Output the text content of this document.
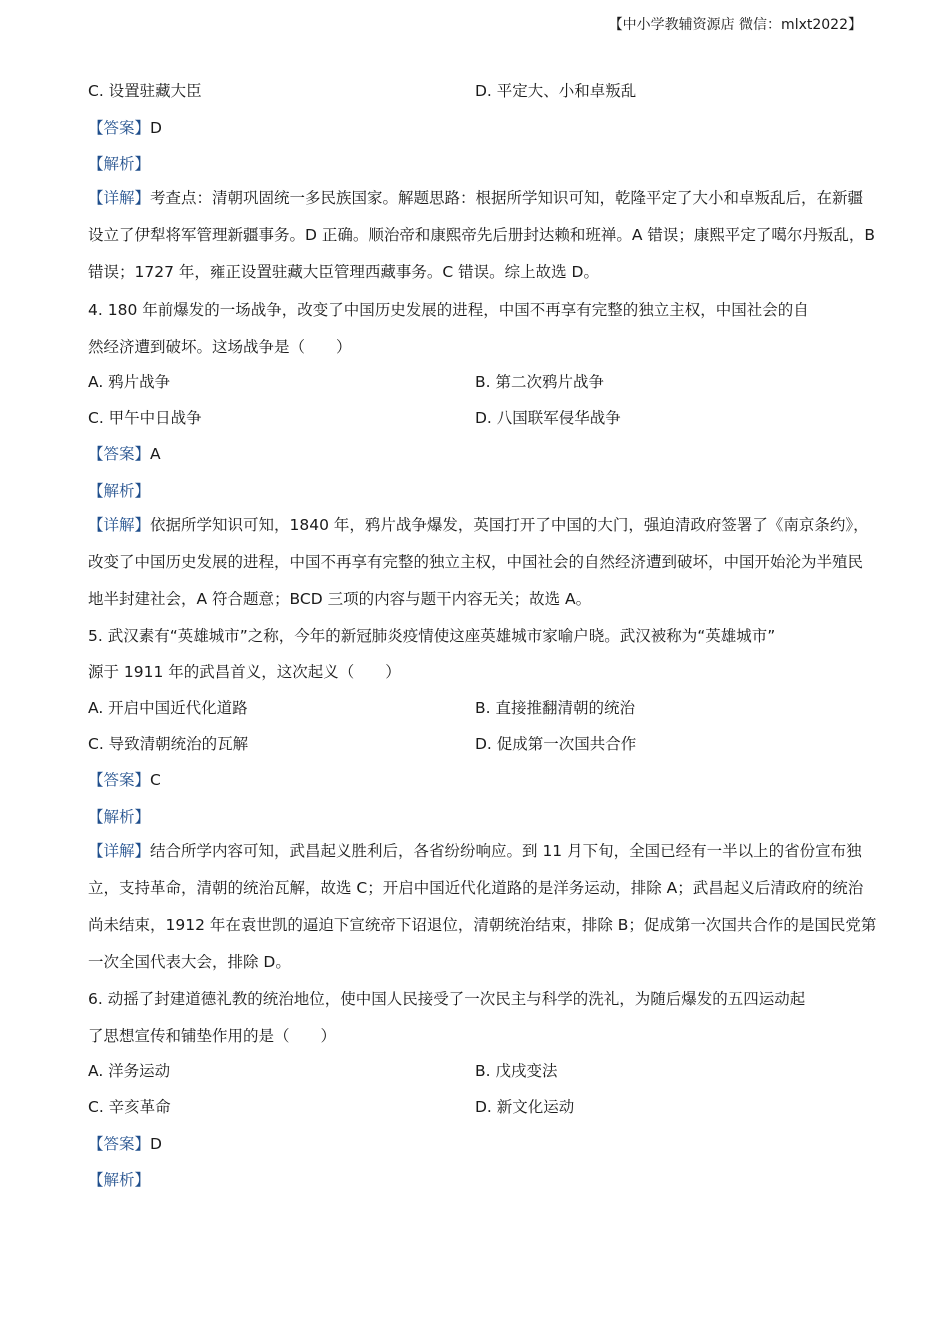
【中小学教辅资源店 微信：mlxt2022】
C. 设置驻藏大臣	D. 平定大、小和卓叛乱
【答案】D
【解析】
【详解】考查点：清朝巩固统一多民族国家。解题思路：根据所学知识可知，乾隆平定了大小和卓叛乱后，在新疆设立了伊犁将军管理新疆事务。D 正确。顺治帝和康熙帝先后册封达赖和班禅。A 错误；康熙平定了噶尔丹叛乱，B 错误；1727 年，雍正设置驻藏大臣管理西藏事务。C 错误。综上故选 D。
4. 180 年前爆发的一场战争，改变了中国历史发展的进程，中国不再享有完整的独立主权，中国社会的自
然经济遭到破坏。这场战争是（　　）
A. 鸦片战争	B. 第二次鸦片战争
C. 甲午中日战争	D. 八国联军侵华战争
【答案】A
【解析】
【详解】依据所学知识可知，1840 年，鸦片战争爆发，英国打开了中国的大门，强迫清政府签署了《南京条约》，改变了中国历史发展的进程，中国不再享有完整的独立主权，中国社会的自然经济遭到破坏，中国开始沦为半殖民地半封建社会，A 符合题意；BCD 三项的内容与题干内容无关；故选 A。
5. 武汉素有“英雄城市”之称，今年的新冠肺炎疫情使这座英雄城市家喻户晓。武汉被称为“英雄城市”
源于 1911 年的武昌首义，这次起义（　　）
A. 开启中国近代化道路	B. 直接推翻清朝的统治
C. 导致清朝统治的瓦解	D. 促成第一次国共合作
【答案】C
【解析】
【详解】结合所学内容可知，武昌起义胜利后，各省纷纷响应。到 11 月下旬，全国已经有一半以上的省份宣布独立，支持革命，清朝的统治瓦解，故选 C；开启中国近代化道路的是洋务运动，排除 A；武昌起义后清政府的统治尚未结束，1912 年在袁世凯的逼迫下宣统帝下诏退位，清朝统治结束，排除 B；促成第一次国共合作的是国民党第一次全国代表大会，排除 D。
6. 动摇了封建道德礼教的统治地位，使中国人民接受了一次民主与科学的洗礼，为随后爆发的五四运动起
了思想宣传和铺垫作用的是（　　）
A. 洋务运动	B. 戊戌变法
C. 辛亥革命	D. 新文化运动
【答案】D
【解析】
